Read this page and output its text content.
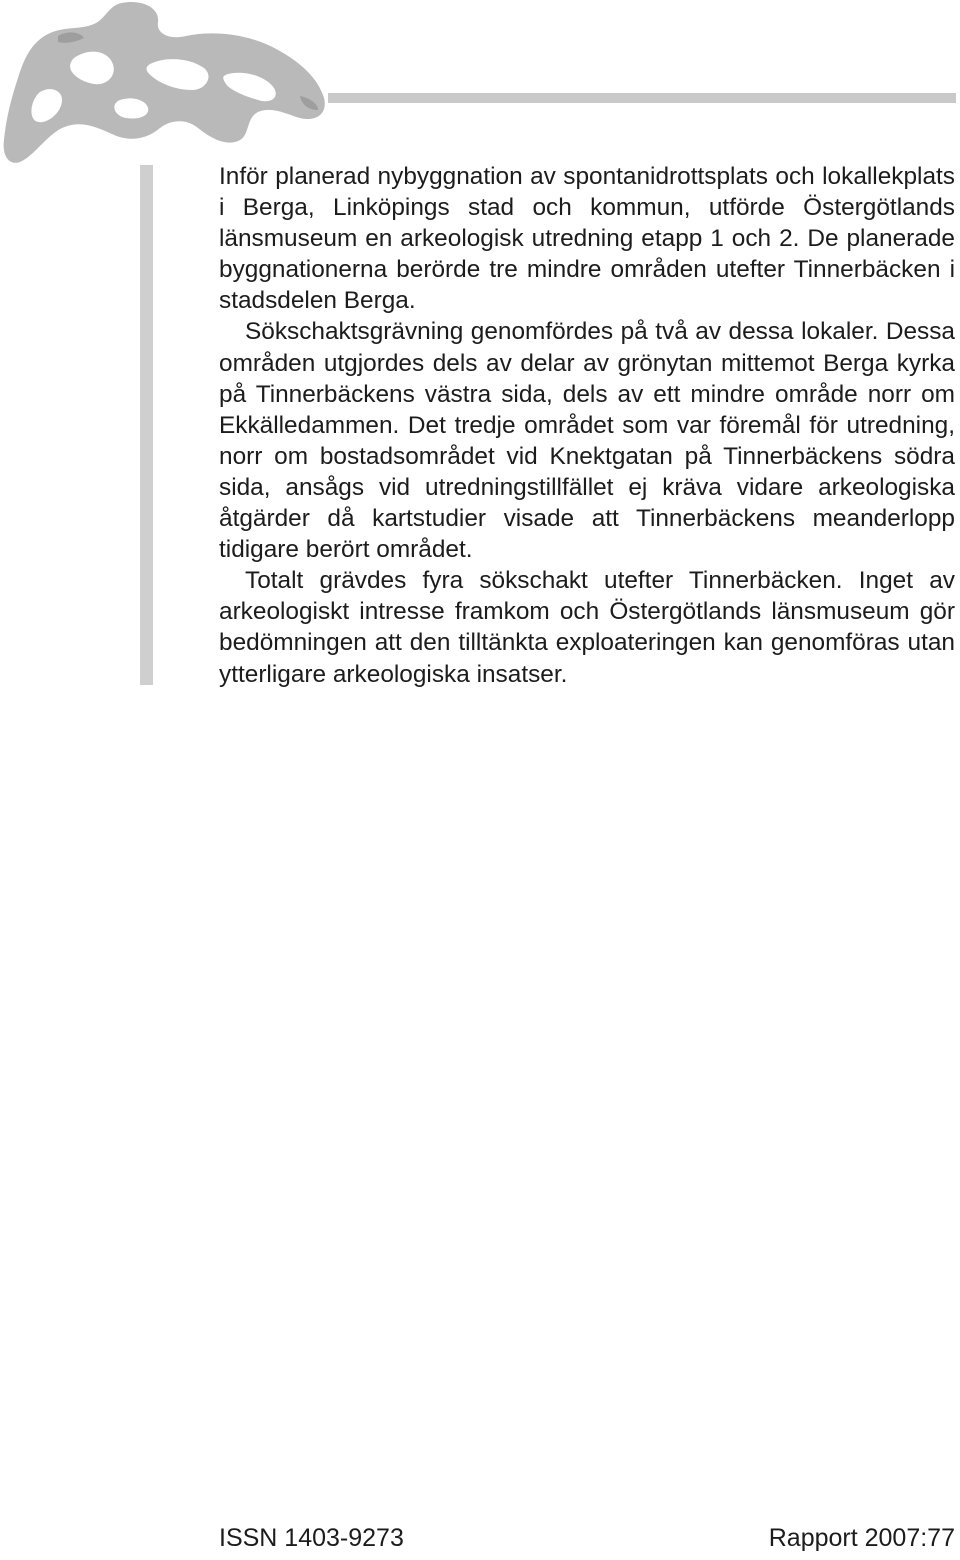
Inför planerad nybyggnation av spontanidrottsplats och lokallekplats i Berga, Linköpings stad och kommun, utförde Östergötlands länsmuseum en arkeologisk utredning etapp 1 och 2. De planerade byggnationerna berörde tre mindre områden utefter Tinnerbäcken i stadsdelen Berga.

Sökschaktsgrävning genomfördes på två av dessa lokaler. Dessa områden utgjordes dels av delar av grönytan mittemot Berga kyrka på Tinnerbäckens västra sida, dels av ett mindre område norr om Ekkälledammen. Det tredje området som var föremål för utredning, norr om bostadsområdet vid Knektgatan på Tinnerbäckens södra sida, ansågs vid utredningstillfället ej kräva vidare arkeologiska åtgärder då kartstudier visade att Tinnerbäckens meanderlopp tidigare berört området.

Totalt grävdes fyra sökschakt utefter Tinnerbäcken. Inget av arkeologiskt intresse framkom och Östergötlands länsmuseum gör bedömningen att den tilltänkta exploateringen kan genomföras utan ytterligare arkeologiska insatser.

ISSN 1403-9273	Rapport 2007:77
